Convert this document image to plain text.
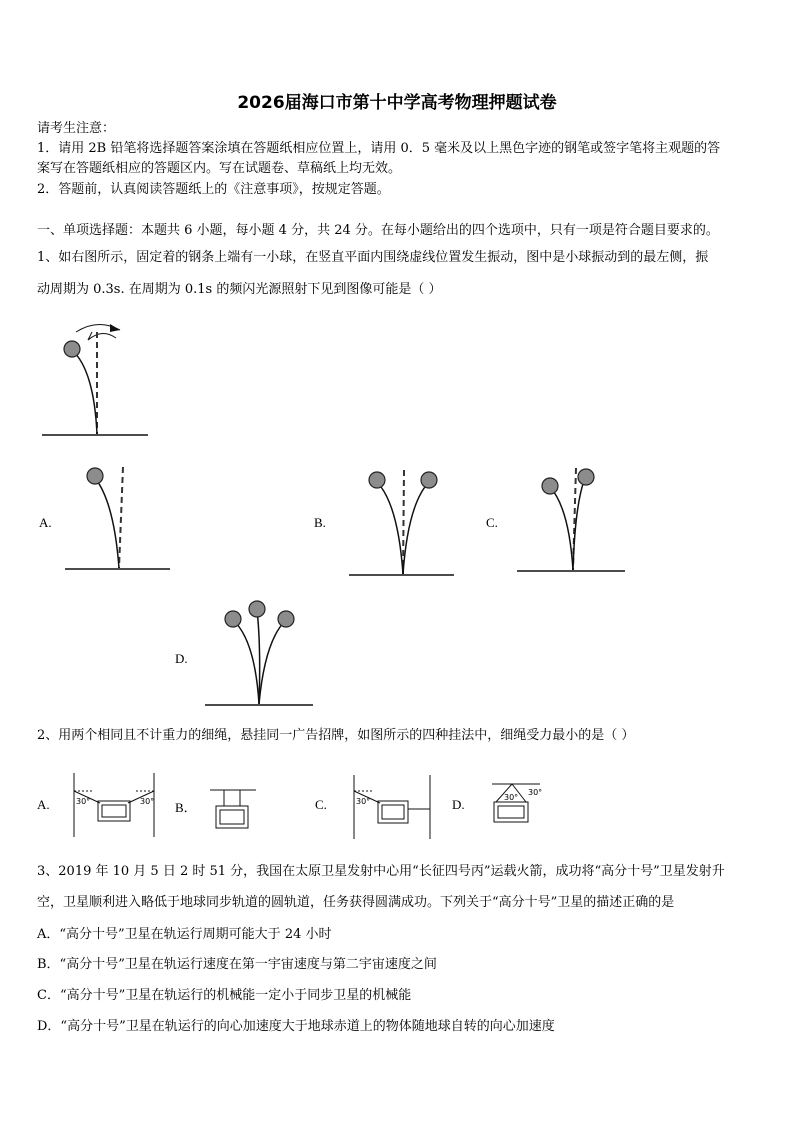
2026届海口市第十中学高考物理押题试卷
请考生注意：
1．请用 2B 铅笔将选择题答案涂填在答题纸相应位置上，请用 0．5 毫米及以上黑色字迹的钢笔或签字笔将主观题的答
案写在答题纸相应的答题区内。写在试题卷、草稿纸上均无效。
2．答题前，认真阅读答题纸上的《注意事项》，按规定答题。
一、单项选择题：本题共 6 小题，每小题 4 分，共 24 分。在每小题给出的四个选项中，只有一项是符合题目要求的。
1、如右图所示，固定着的钢条上端有一小球，在竖直平面内围绕虚线位置发生振动，图中是小球振动到的最左侧，振
动周期为 0.3s. 在周期为 0.1s 的频闪光源照射下见到图像可能是（ ）
A.	B.	C.
D.
2、用两个相同且不计重力的细绳，悬挂同一广告招牌，如图所示的四种挂法中，细绳受力最小的是（ ）
A.	30°	30° B．	C.	30°	D.	30°
30°
3、2019 年 10 月 5 日 2 时 51 分，我国在太原卫星发射中心用“长征四号丙”运载火箭，成功将“高分十号”卫星发射升
空，卫星顺利进入略低于地球同步轨道的圆轨道，任务获得圆满成功。下列关于“高分十号”卫星的描述正确的是
A．“高分十号”卫星在轨运行周期可能大于 24 小时
B．“高分十号”卫星在轨运行速度在第一宇宙速度与第二宇宙速度之间
C．“高分十号”卫星在轨运行的机械能一定小于同步卫星的机械能
D．“高分十号”卫星在轨运行的向心加速度大于地球赤道上的物体随地球自转的向心加速度
